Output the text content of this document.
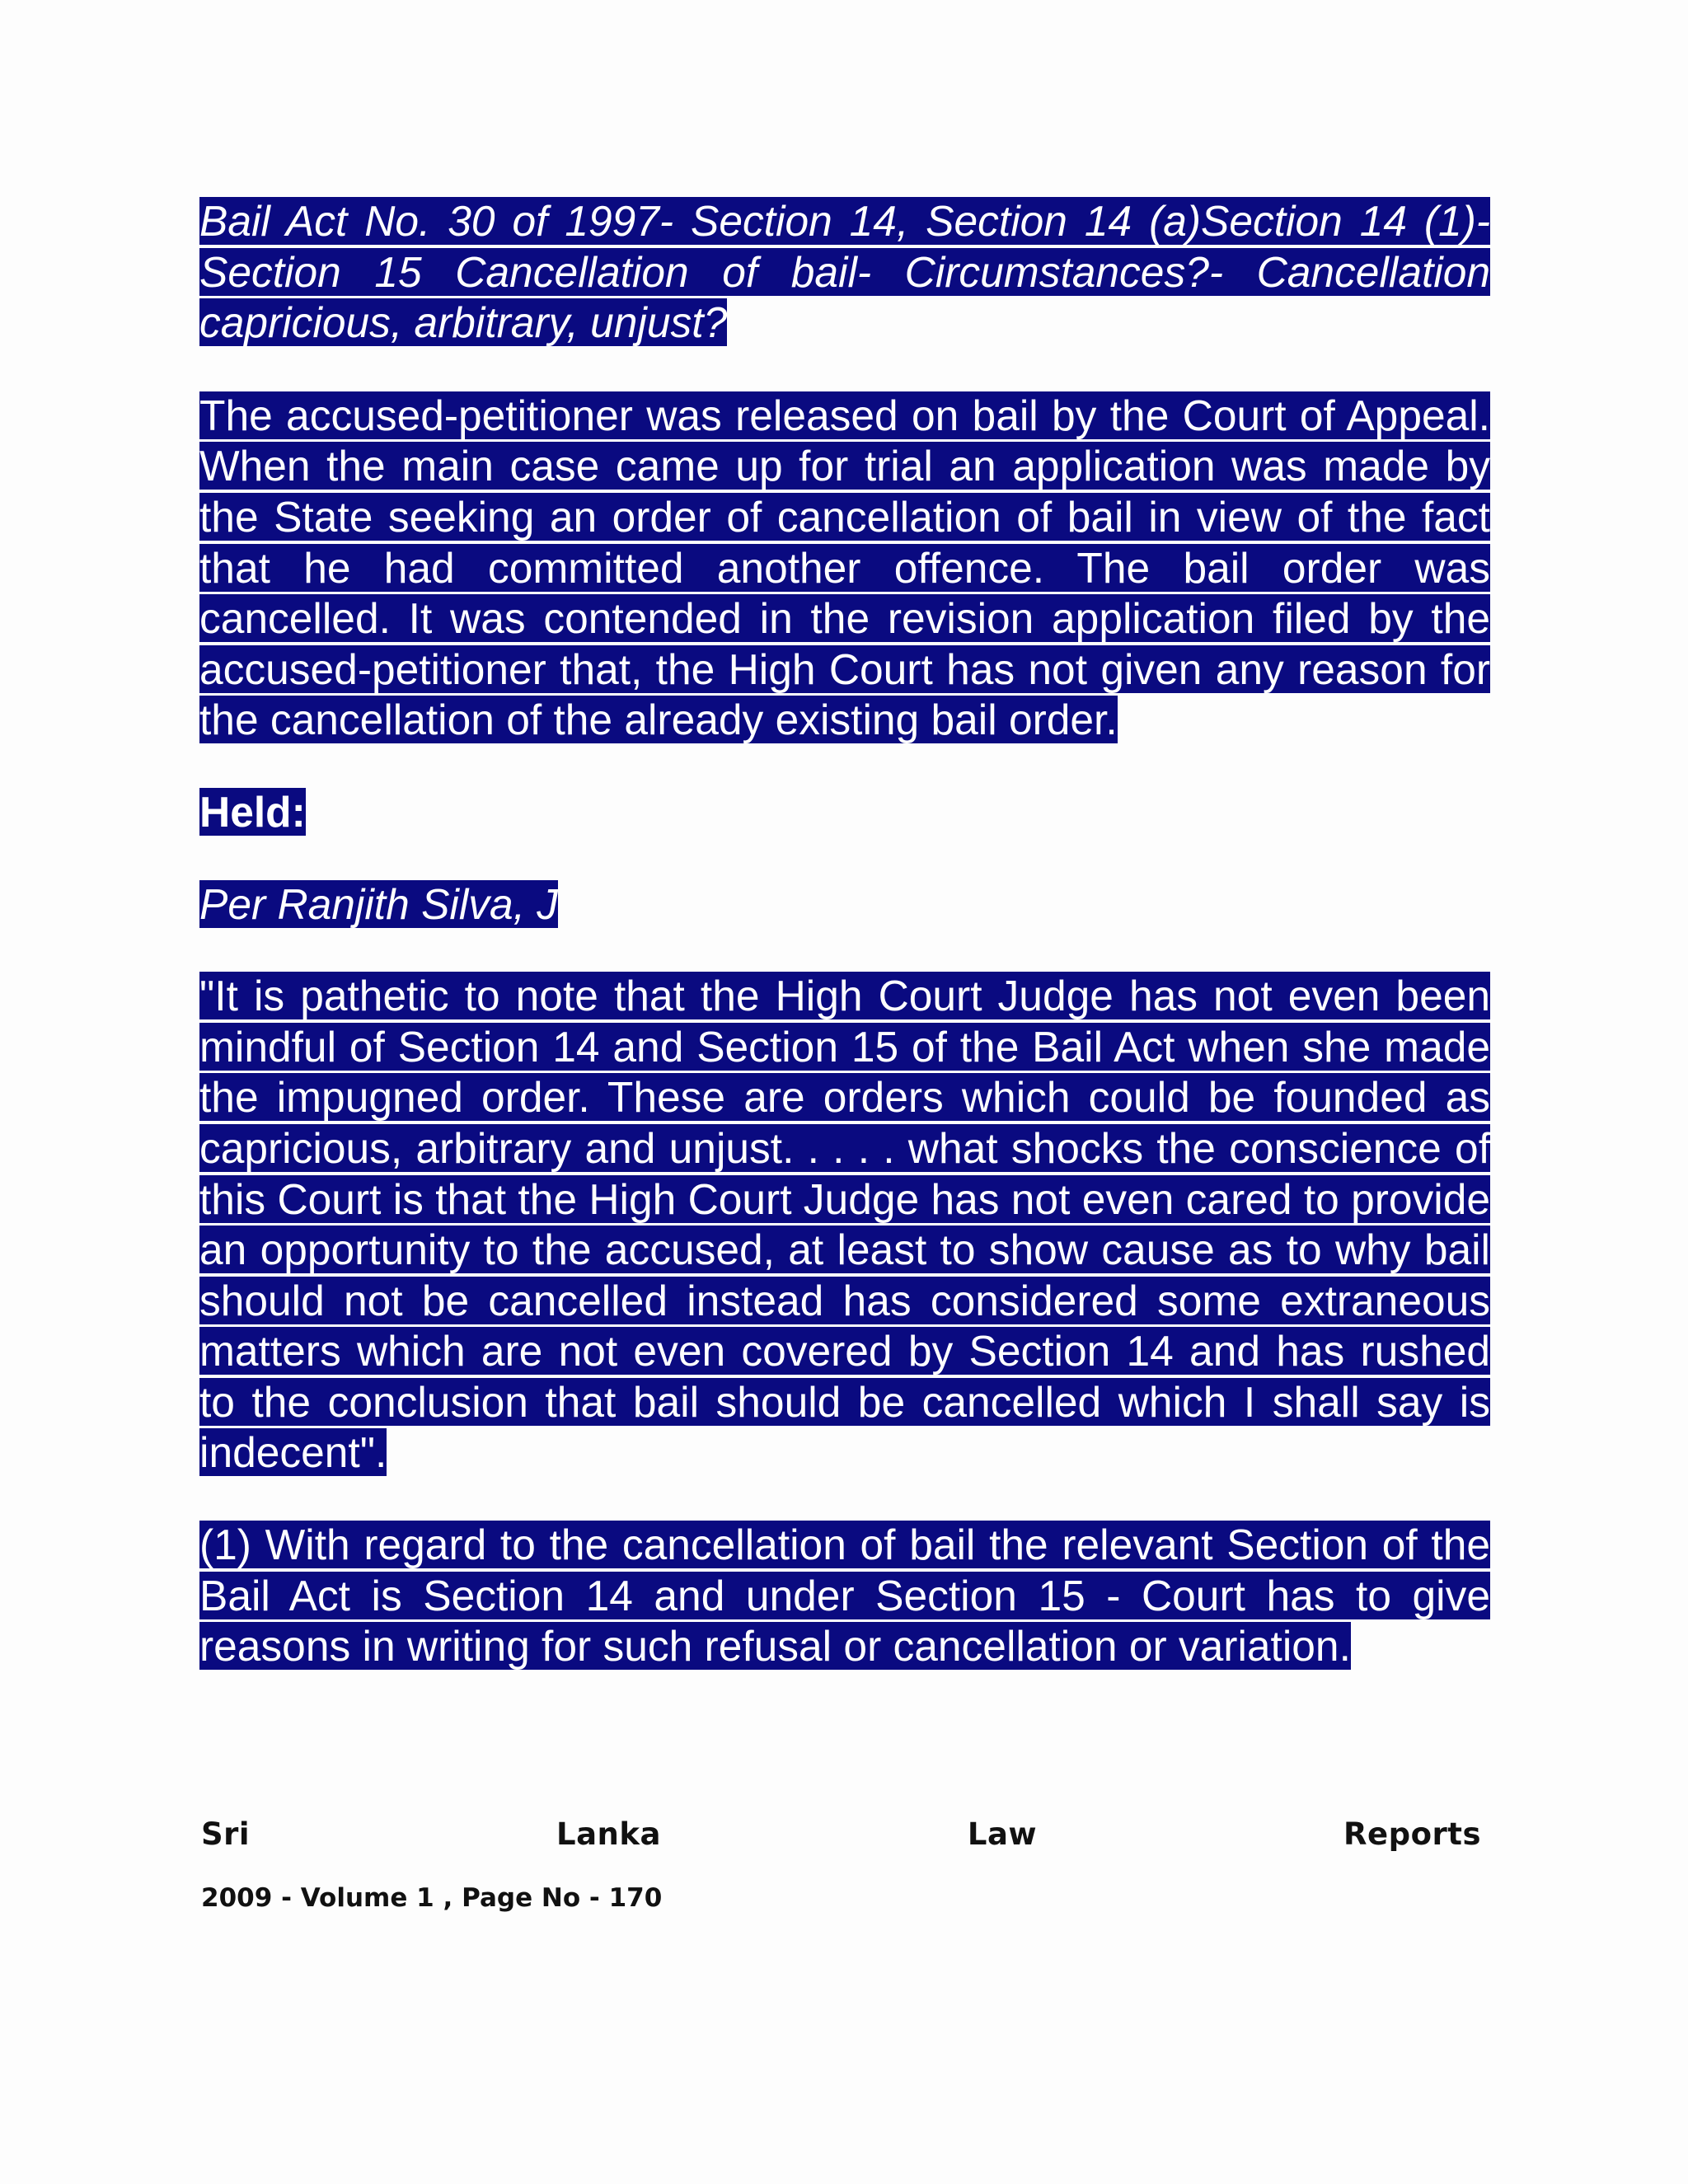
Bail Act No. 30 of 1997- Section 14, Section 14 (a)Section 14 (1)- Section 15 Cancellation of bail- Circumstances?- Cancellation capricious, arbitrary, unjust?

The accused-petitioner was released on bail by the Court of Appeal. When the main case came up for trial an application was made by the State seeking an order of cancellation of bail in view of the fact that he had committed another offence. The bail order was cancelled. It was contended in the revision application filed by the accused-petitioner that, the High Court has not given any reason for the cancellation of the already existing bail order.

Held:

Per Ranjith Silva, J

"It is pathetic to note that the High Court Judge has not even been mindful of Section 14 and Section 15 of the Bail Act when she made the impugned order. These are orders which could be founded as capricious, arbitrary and unjust. . . . . what shocks the conscience of this Court is that the High Court Judge has not even cared to provide an opportunity to the accused, at least to show cause as to why bail should not be cancelled instead has considered some extraneous matters which are not even covered by Section 14 and has rushed to the conclusion that bail should be cancelled which I shall say is indecent".

(1) With regard to the cancellation of bail the relevant Section of the Bail Act is Section 14 and under Section 15 - Court has to give reasons in writing for such refusal or cancellation or variation.

Sri	Lanka	Law	Reports
2009 - Volume 1 , Page No - 170
